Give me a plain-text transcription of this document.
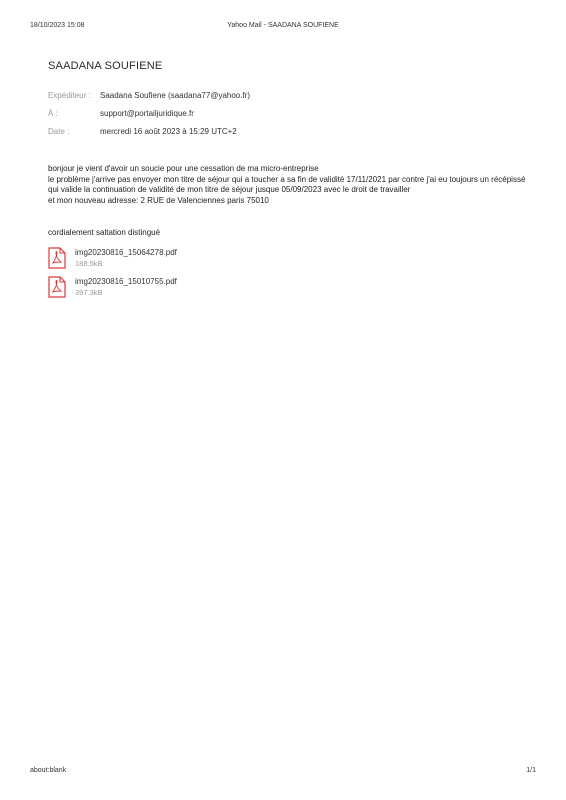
18/10/2023 15:08	Yahoo Mail - SAADANA SOUFIENE
SAADANA SOUFIENE
Expéditeur :	Saadana Soufiene (saadana77@yahoo.fr)
À :	support@portailjuridique.fr
Date :	mercredi 16 août 2023 à 15:29 UTC+2

bonjour je vient d'avoir un soucie pour une cessation de ma micro-entreprise

le problème j'arrive pas envoyer mon titre de séjour qui a toucher a sa fin de validité 17/11/2021 par contre j'ai eu toujours un récépissé qui valide la continuation de validité de mon titre de séjour jusque 05/09/2023 avec le droit de travailler

et mon nouveau adresse: 2 RUE de Valenciennes paris 75010

cordialement saltation distingué
img20230816_15064278.pdf
188.5kB
img20230816_15010755.pdf
397.3kB
about:blank	1/1
